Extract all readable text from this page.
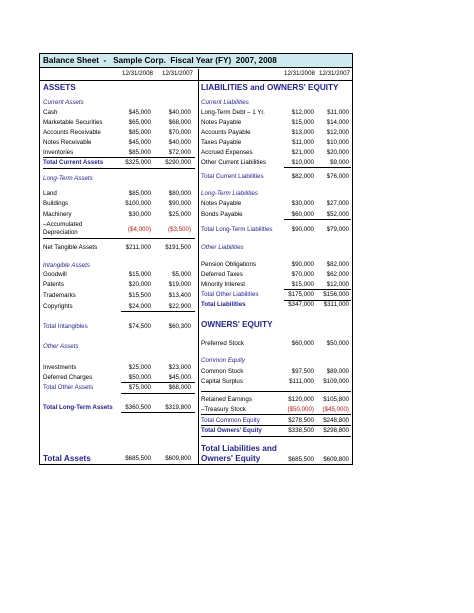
Balance Sheet  -   Sample Corp.  Fiscal Year (FY)  2007, 2008
12/31/2008 12/31/2007	12/31/2008 12/31/2007
ASSETS
Current Assets
Cash	$45,000	$40,000
Marketable Securities	$65,000	$68,000
Accounts Receivable	$85,000	$70,000
Notes Receivable	$45,000	$40,000
Inventories	$85,000	$72,000
Total Current Assets	$325,000 $290,000
Long-Term Assets
Land	$85,000	$80,000
Buildings	$100,000	$90,000
Machinery	$30,000	$25,000
–Accumulated
Depreciation	($4,000)	($3,500)
Net Tangible Assets	$211,000 $191,500
Intangible Assets
Goodwill	$15,000	$5,000
Patents	$20,000	$19,000
Trademarks	$15,500	$13,400
Copyrights	$24,000	$22,900
Total Intangibles	$74,500	$60,300
Other Assets
Investments	$25,000	$23,000
Deferred Charges	$50,000	$45,000
Total Other Assets	$75,000	$68,000
Total Long-Term Assets $360,500 $319,800
Total Assets	$685,500 $609,800
LIABILITIES and OWNERS' EQUITY
Current Liabilities
Long-Term Debt – 1 Yr.	$12,000 $11,000
Notes Payable	$15,000 $14,000
Accounts Payable	$13,000 $12,000
Taxes Payable	$11,000 $10,000
Accrued Expenses	$21,000 $20,000
Other Current Liabilities	$10,000	$9,000
Total Current Liabilities	$82,000 $76,000
Long-Term Liabilities
Notes Payable	$30,000 $27,000
Bonds Payable	$60,000 $52,000
Total Long-Term Liabilities	$90,000 $79,000
Other Liabilities
Pension Obligations	$90,000 $82,000
Deferred Taxes	$70,000 $62,000
Minority Interest	$15,000 $12,000
Total Other Liabilities	$175,000 $156,000
Total Liabilities	$347,000 $311,000
OWNERS' EQUITY
Preferred Stock	$60,000 $50,000
Common Equity
Common Stock	$97,500 $89,000
Capital Surplus	$111,000 $109,000
Retained Earnings	$120,000 $105,800
–Treasury Stock	($50,000) ($45,000)
Total Common Equity	$278,500 $248,800
Total Owners' Equity	$338,500 $298,800
Total Liabilities and
Owners' Equity	$685,500 $609,800
